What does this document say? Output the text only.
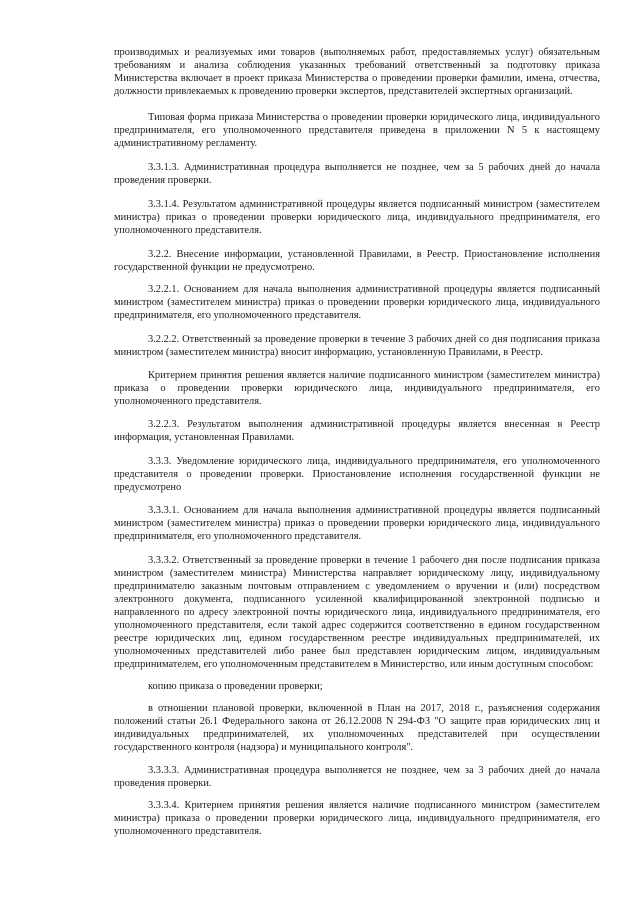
производимых и реализуемых ими товаров (выполняемых работ, предоставляемых услуг) обязательным требованиям и анализа соблюдения указанных требований ответственный за подготовку приказа Министерства включает в проект приказа Министерства о проведении проверки фамилии, имена, отчества, должности привлекаемых к проведению проверки экспертов, представителей экспертных организаций.

Типовая форма приказа Министерства о проведении проверки юридического лица, индивидуального предпринимателя, его уполномоченного представителя приведена в приложении N 5 к настоящему административному регламенту.

3.3.1.3. Административная процедура выполняется не позднее, чем за 5 рабочих дней до начала проведения проверки.

3.3.1.4. Результатом административной процедуры является подписанный министром (заместителем министра) приказ о проведении проверки юридического лица, индивидуального предпринимателя, его уполномоченного представителя.

3.2.2. Внесение информации, установленной Правилами, в Реестр. Приостановление исполнения государственной функции не предусмотрено.

3.2.2.1. Основанием для начала выполнения административной процедуры является подписанный министром (заместителем министра) приказ о проведении проверки юридического лица, индивидуального предпринимателя, его уполномоченного представителя.

3.2.2.2. Ответственный за проведение проверки в течение 3 рабочих дней со дня подписания приказа министром (заместителем министра) вносит информацию, установленную Правилами, в Реестр.

Критерием принятия решения является наличие подписанного министром (заместителем министра) приказа о проведении проверки юридического лица, индивидуального предпринимателя, его уполномоченного представителя.

3.2.2.3. Результатом выполнения административной процедуры является внесенная в Реестр информация, установленная Правилами.

3.3.3. Уведомление юридического лица, индивидуального предпринимателя, его уполномоченного представителя о проведении проверки. Приостановление исполнения государственной функции не предусмотрено

3.3.3.1. Основанием для начала выполнения административной процедуры является подписанный министром (заместителем министра) приказ о проведении проверки юридического лица, индивидуального предпринимателя, его уполномоченного представителя.

3.3.3.2. Ответственный за проведение проверки в течение 1 рабочего дня после подписания приказа министром (заместителем министра) Министерства направляет юридическому лицу, индивидуальному предпринимателю заказным почтовым отправлением с уведомлением о вручении и (или) посредством электронного документа, подписанного усиленной квалифицированной электронной подписью и направленного по адресу электронной почты юридического лица, индивидуального предпринимателя, его уполномоченного представителя, если такой адрес содержится соответственно в едином государственном реестре юридических лиц, едином государственном реестре индивидуальных предпринимателей, их уполномоченных представителей либо ранее был представлен юридическим лицом, индивидуальным предпринимателем, его уполномоченным представителем в Министерство, или иным доступным способом:

копию приказа о проведении проверки;

в отношении плановой проверки, включенной в План на 2017, 2018 г., разъяснения содержания положений статьи 26.1 Федерального закона от 26.12.2008 N 294-ФЗ "О защите прав юридических лиц и индивидуальных предпринимателей, их уполномоченных представителей при осуществлении государственного контроля (надзора) и муниципального контроля".

3.3.3.3. Административная процедура выполняется не позднее, чем за 3 рабочих дней до начала проведения проверки.

3.3.3.4. Критерием принятия решения является наличие подписанного министром (заместителем министра) приказа о проведении проверки юридического лица, индивидуального предпринимателя, его уполномоченного представителя.
